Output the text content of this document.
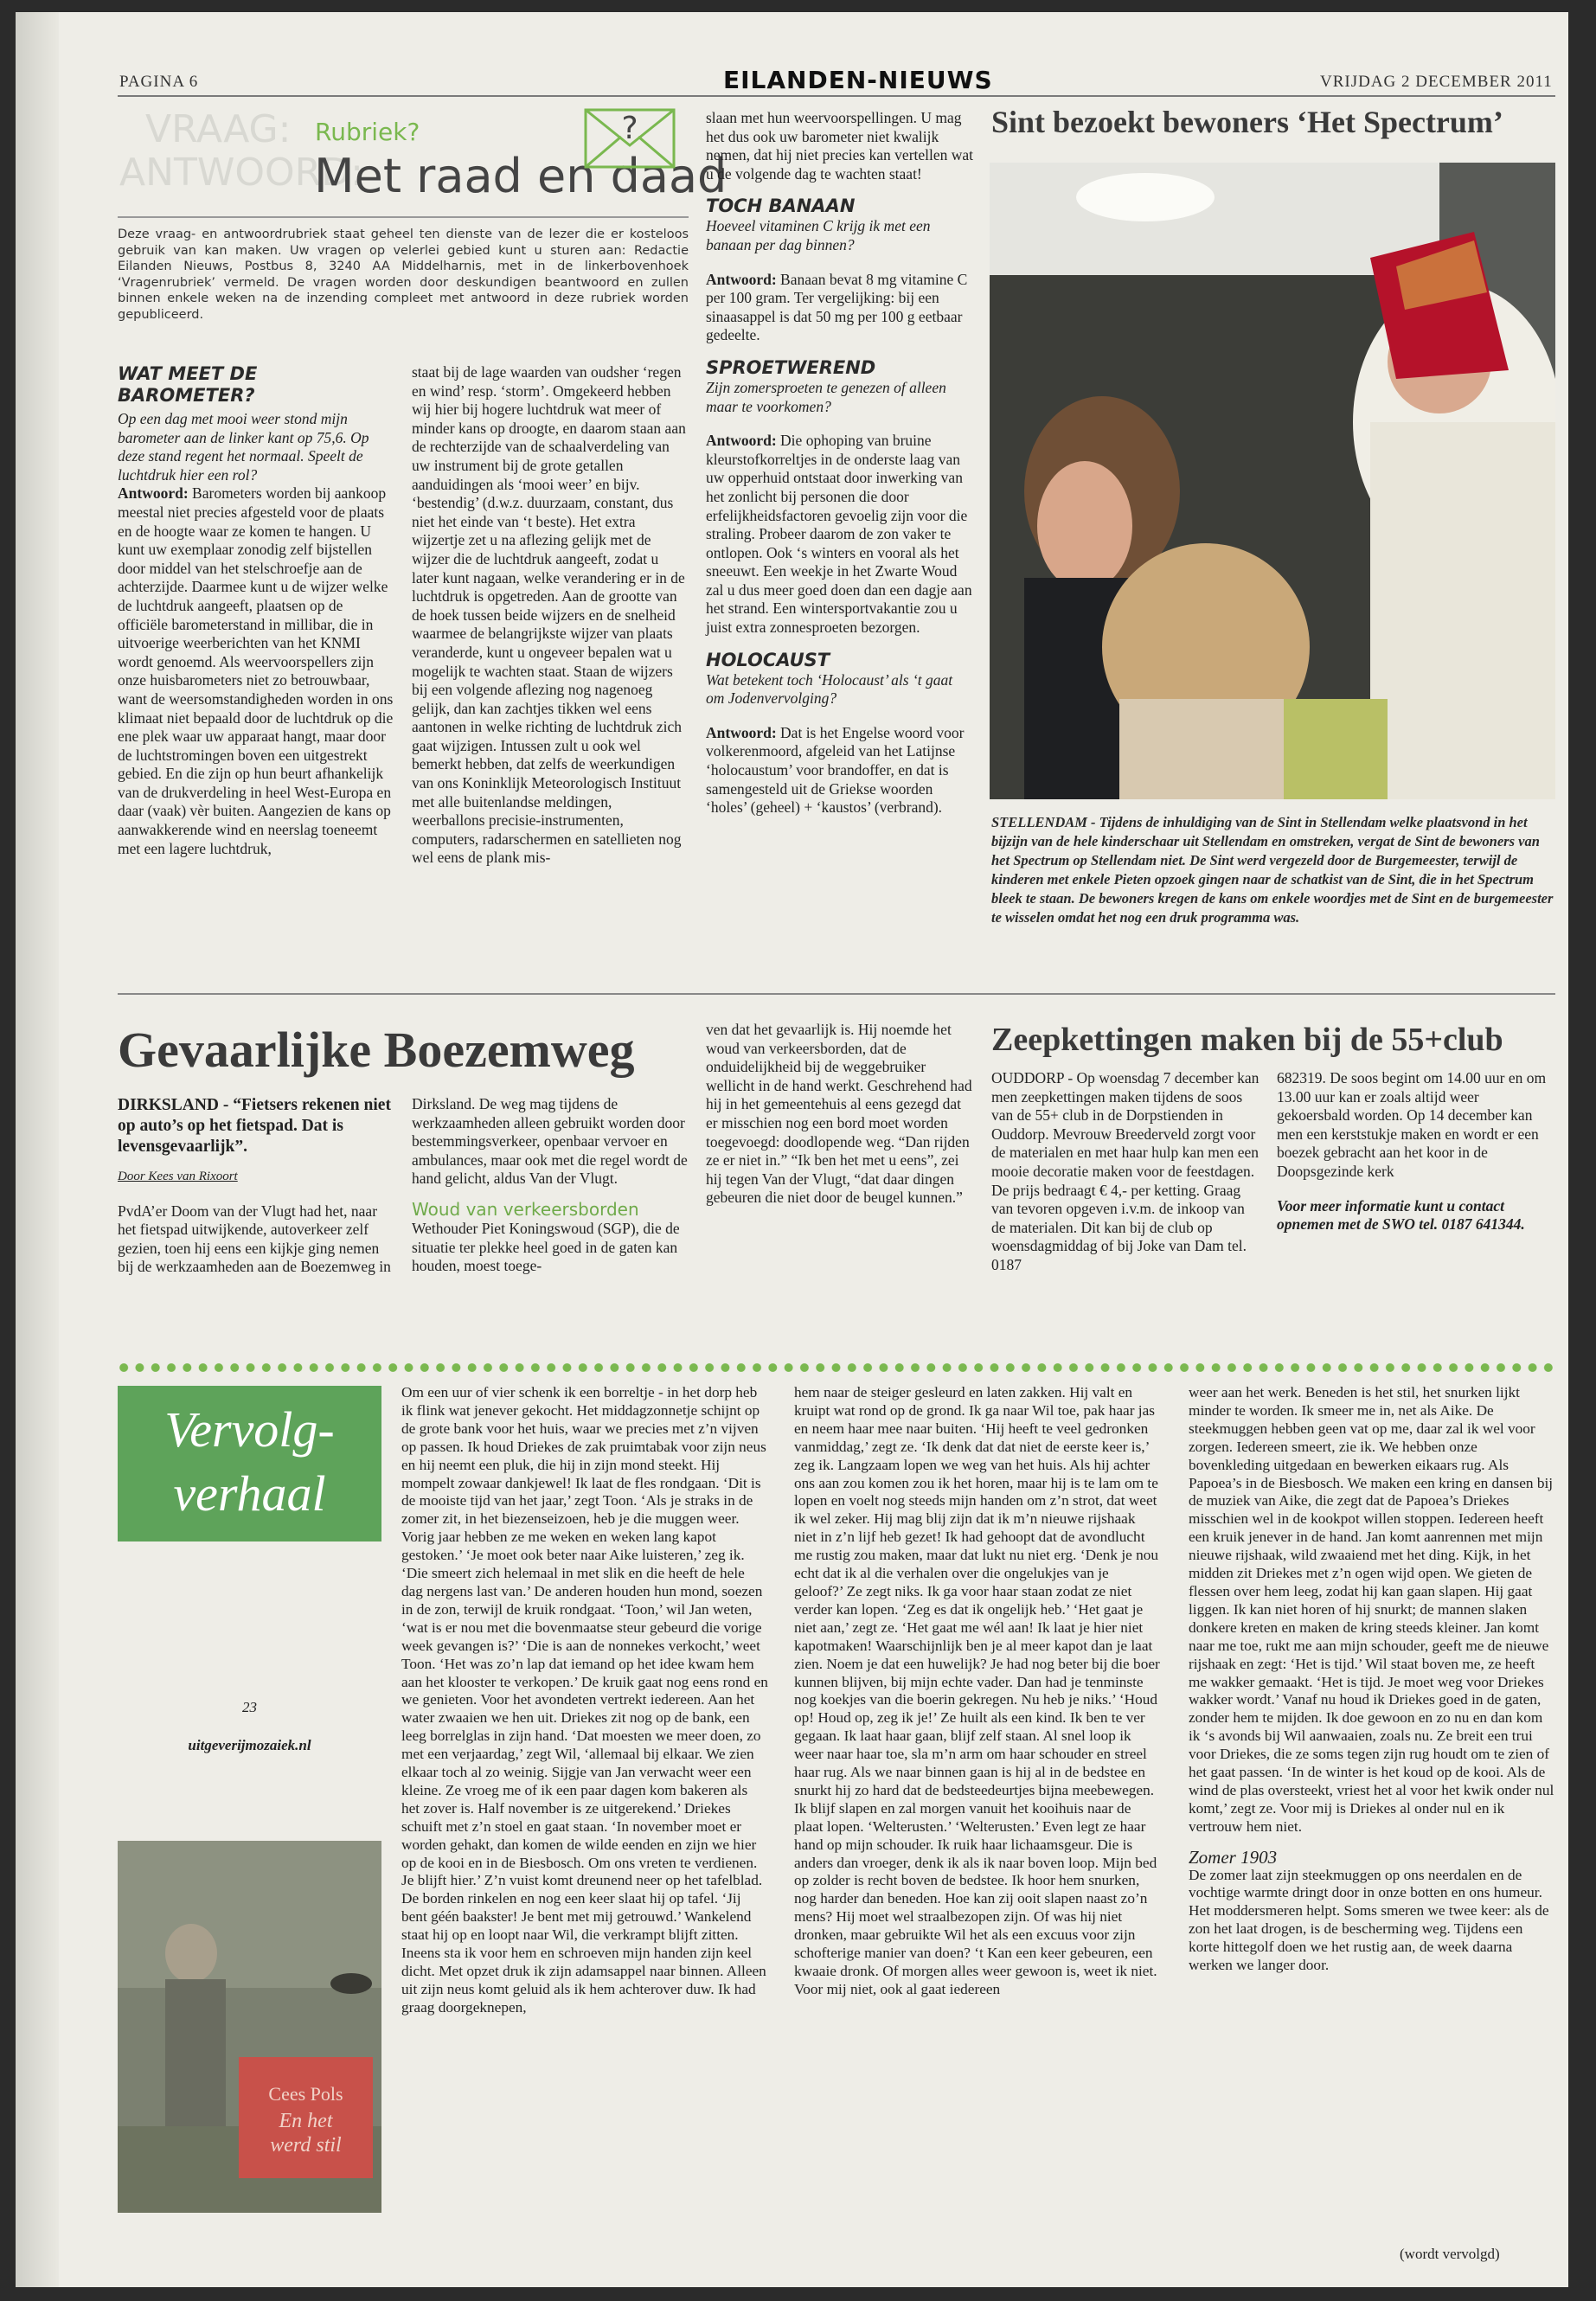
PAGINA 6	EILANDEN-NIEUWS	VRIJDAG 2 DECEMBER 2011
VRAAG:
ANTWOORD:
Rubriek?
Met raad en daad
?
Deze vraag- en antwoordrubriek staat geheel ten dienste van de lezer die er kosteloos gebruik van kan maken. Uw vragen op velerlei gebied kunt u sturen aan: Redactie Eilanden Nieuws, Postbus 8, 3240 AA Middelharnis, met in de linkerbovenhoek ‘Vragenrubriek’ vermeld. De vragen worden door deskundigen beantwoord en zullen binnen enkele weken na de inzending compleet met antwoord in deze rubriek worden gepubliceerd.
WAT MEET DE BAROMETER?

Op een dag met mooi weer stond mijn barometer aan de linker kant op 75,6. Op deze stand regent het normaal. Speelt de luchtdruk hier een rol?

Antwoord: Barometers worden bij aankoop meestal niet precies afgesteld voor de plaats en de hoogte waar ze komen te hangen. U kunt uw exemplaar zonodig zelf bijstellen door middel van het stelschroefje aan de achterzijde. Daarmee kunt u de wijzer welke de luchtdruk aangeeft, plaatsen op de officiële barometerstand in millibar, die in uitvoerige weerberichten van het KNMI wordt genoemd. Als weervoorspellers zijn onze huisbarometers niet zo betrouwbaar, want de weersomstandigheden worden in ons klimaat niet bepaald door de luchtdruk op die ene plek waar uw apparaat hangt, maar door de luchtstromingen boven een uitgestrekt gebied. En die zijn op hun beurt afhankelijk van de drukverdeling in heel West-Europa en daar (vaak) vèr buiten. Aangezien de kans op aanwakkerende wind en neerslag toeneemt met een lagere luchtdruk,

staat bij de lage waarden van oudsher ‘regen en wind’ resp. ‘storm’. Omgekeerd hebben wij hier bij hogere luchtdruk wat meer of minder kans op droogte, en daarom staan aan de rechterzijde van de schaalverdeling van uw instrument bij de grote getallen aanduidingen als ‘mooi weer’ en bijv. ‘bestendig’ (d.w.z. duurzaam, constant, dus niet het einde van ‘t beste). Het extra wijzertje zet u na aflezing gelijk met de wijzer die de luchtdruk aangeeft, zodat u later kunt nagaan, welke verandering er in de luchtdruk is opgetreden. Aan de grootte van de hoek tussen beide wijzers en de snelheid waarmee de belangrijkste wijzer van plaats veranderde, kunt u ongeveer bepalen wat u mogelijk te wachten staat. Staan de wijzers bij een volgende aflezing nog nagenoeg gelijk, dan kan zachtjes tikken wel eens aantonen in welke richting de luchtdruk zich gaat wijzigen. Intussen zult u ook wel bemerkt hebben, dat zelfs de weerkundigen van ons Koninklijk Meteorologisch Instituut met alle buitenlandse meldingen, weerballons precisie-instrumenten, computers, radarschermen en satellieten nog wel eens de plank mis-

slaan met hun weervoorspellingen. U mag het dus ook uw barometer niet kwalijk nemen, dat hij niet precies kan vertellen wat u de volgende dag te wachten staat!

TOCH BANAAN

Hoeveel vitaminen C krijg ik met een banaan per dag binnen?

Antwoord: Banaan bevat 8 mg vitamine C per 100 gram. Ter vergelijking: bij een sinaasappel is dat 50 mg per 100 g eetbaar gedeelte.

SPROETWEREND

Zijn zomersproeten te genezen of alleen maar te voorkomen?

Antwoord: Die ophoping van bruine kleurstofkorreltjes in de onderste laag van uw opperhuid ontstaat door inwerking van het zonlicht bij personen die door erfelijkheidsfactoren gevoelig zijn voor die straling. Probeer daarom de zon vaker te ontlopen. Ook ‘s winters en vooral als het sneeuwt. Een weekje in het Zwarte Woud zal u dus meer goed doen dan een dagje aan het strand. Een wintersportvakantie zou u juist extra zonnesproeten bezorgen.

HOLOCAUST

Wat betekent toch ‘Holocaust’ als ‘t gaat om Jodenvervolging?

Antwoord: Dat is het Engelse woord voor volkerenmoord, afgeleid van het Latijnse ‘holocaustum’ voor brandoffer, en dat is samengesteld uit de Griekse woorden ‘holes’ (geheel) + ‘kaustos’ (verbrand).

Sint bezoekt bewoners ‘Het Spectrum’
STELLENDAM - Tijdens de inhuldiging van de Sint in Stellendam welke plaatsvond in het bijzijn van de hele kinderschaar uit Stellendam en omstreken, vergat de Sint de bewoners van het Spectrum op Stellendam niet. De Sint werd vergezeld door de Burgemeester, terwijl de kinderen met enkele Pieten opzoek gingen naar de schatkist van de Sint, die in het Spectrum bleek te staan. De bewoners kregen de kans om enkele woordjes met de Sint en de burgemeester te wisselen omdat het nog een druk programma was.
Gevaarlijke Boezemweg

DIRKSLAND - “Fietsers rekenen niet op auto’s op het fietspad. Dat is levensgevaarlijk”.

Door Kees van Rixoort

PvdA’er Doom van der Vlugt had het, naar het fietspad uitwijkende, autoverkeer zelf gezien, toen hij eens een kijkje ging nemen bij de werkzaamheden aan de Boezemweg in

Dirksland. De weg mag tijdens de werkzaamheden alleen gebruikt worden door bestemmingsverkeer, openbaar vervoer en ambulances, maar ook met die regel wordt de hand gelicht, aldus Van der Vlugt.

Woud van verkeersborden

Wethouder Piet Koningswoud (SGP), die de situatie ter plekke heel goed in de gaten kan houden, moest toege-

ven dat het gevaarlijk is. Hij noemde het woud van verkeersborden, dat de onduidelijkheid bij de weggebruiker wellicht in de hand werkt. Geschrehend had hij in het gemeentehuis al eens gezegd dat er misschien nog een bord moet worden toegevoegd: doodlopende weg. “Dan rijden ze er niet in.” “Ik ben het met u eens”, zei hij tegen Van der Vlugt, “dat daar dingen gebeuren die niet door de beugel kunnen.”
Zeepkettingen maken bij de 55+club
OUDDORP - Op woensdag 7 december kan men zeepkettingen maken tijdens de soos van de 55+ club in de Dorpstienden in Ouddorp. Mevrouw Breederveld zorgt voor de materialen en met haar hulp kan men een mooie decoratie maken voor de feestdagen. De prijs bedraagt € 4,- per ketting. Graag van tevoren opgeven i.v.m. de inkoop van de materialen. Dit kan bij de club op woensdagmiddag of bij Joke van Dam tel. 0187

682319. De soos begint om 14.00 uur en om 13.00 uur kan er zoals altijd weer gekoersbald worden. Op 14 december kan men een kerststukje maken en wordt er een boezek gebracht aan het koor in de Doopsgezinde kerk

Voor meer informatie kunt u contact opnemen met de SWO tel. 0187 641344.

Vervolg-
verhaal
23
uitgeverijmozaiek.nl
Cees Pols
En het
werd stil
Om een uur of vier schenk ik een borreltje - in het dorp heb ik flink wat jenever gekocht. Het middagzonnetje schijnt op de grote bank voor het huis, waar we precies met z’n vijven op passen. Ik houd Driekes de zak pruimtabak voor zijn neus en hij neemt een pluk, die hij in zijn mond steekt. Hij mompelt zowaar dankjewel! Ik laat de fles rondgaan. ‘Dit is de mooiste tijd van het jaar,’ zegt Toon. ‘Als je straks in de zomer zit, in het biezenseizoen, heb je die muggen weer. Vorig jaar hebben ze me weken en weken lang kapot gestoken.’ ‘Je moet ook beter naar Aike luisteren,’ zeg ik. ‘Die smeert zich helemaal in met slik en die heeft de hele dag nergens last van.’ De anderen houden hun mond, soezen in de zon, terwijl de kruik rondgaat. ‘Toon,’ wil Jan weten, ‘wat is er nou met die bovenmaatse steur gebeurd die vorige week gevangen is?’ ‘Die is aan de nonnekes verkocht,’ weet Toon. ‘Het was zo’n lap dat iemand op het idee kwam hem aan het klooster te verkopen.’ De kruik gaat nog eens rond en we genieten. Voor het avondeten vertrekt iedereen. Aan het water zwaaien we hen uit. Driekes zit nog op de bank, een leeg borrelglas in zijn hand. ‘Dat moesten we meer doen, zo met een verjaardag,’ zegt Wil, ‘allemaal bij elkaar. We zien elkaar toch al zo weinig. Sijgje van Jan verwacht weer een kleine. Ze vroeg me of ik een paar dagen kom bakeren als het zover is. Half november is ze uitgerekend.’ Driekes schuift met z’n stoel en gaat staan. ‘In november moet er worden gehakt, dan komen de wilde eenden en zijn we hier op de kooi en in de Biesbosch. Om ons vreten te verdienen. Je blijft hier.’ Z’n vuist komt dreunend neer op het tafelblad. De borden rinkelen en nog een keer slaat hij op tafel. ‘Jij bent géén baakster! Je bent met mij getrouwd.’ Wankelend staat hij op en loopt naar Wil, die verkrampt blijft zitten. Ineens sta ik voor hem en schroeven mijn handen zijn keel dicht. Met opzet druk ik zijn adamsappel naar binnen. Alleen uit zijn neus komt geluid als ik hem achterover duw. Ik had graag doorgeknepen,
hem naar de steiger gesleurd en laten zakken. Hij valt en kruipt wat rond op de grond. Ik ga naar Wil toe, pak haar jas en neem haar mee naar buiten. ‘Hij heeft te veel gedronken vanmiddag,’ zegt ze. ‘Ik denk dat dat niet de eerste keer is,’ zeg ik. Langzaam lopen we weg van het huis. Als hij achter ons aan zou komen zou ik het horen, maar hij is te lam om te lopen en voelt nog steeds mijn handen om z’n strot, dat weet ik wel zeker. Hij mag blij zijn dat ik m’n nieuwe rijshaak niet in z’n lijf heb gezet! Ik had gehoopt dat de avondlucht me rustig zou maken, maar dat lukt nu niet erg. ‘Denk je nou echt dat ik al die verhalen over die ongelukjes van je geloof?’ Ze zegt niks. Ik ga voor haar staan zodat ze niet verder kan lopen. ‘Zeg es dat ik ongelijk heb.’ ‘Het gaat je niet aan,’ zegt ze. ‘Het gaat me wél aan! Ik laat je hier niet kapotmaken! Waarschijnlijk ben je al meer kapot dan je laat zien. Noem je dat een huwelijk? Je had nog beter bij die boer kunnen blijven, bij mijn echte vader. Dan had je tenminste nog koekjes van die boerin gekregen. Nu heb je niks.’ ‘Houd op! Houd op, zeg ik je!’ Ze huilt als een kind. Ik ben te ver gegaan. Ik laat haar gaan, blijf zelf staan. Al snel loop ik weer naar haar toe, sla m’n arm om haar schouder en streel haar rug. Als we naar binnen gaan is hij al in de bedstee en snurkt hij zo hard dat de bedsteedeurtjes bijna meebewegen. Ik blijf slapen en zal morgen vanuit het kooihuis naar de plaat lopen. ‘Welterusten.’ ‘Welterusten.’ Even legt ze haar hand op mijn schouder. Ik ruik haar lichaamsgeur. Die is anders dan vroeger, denk ik als ik naar boven loop. Mijn bed op zolder is recht boven de bedstee. Ik hoor hem snurken, nog harder dan beneden. Hoe kan zij ooit slapen naast zo’n mens? Hij moet wel straalbezopen zijn. Of was hij niet dronken, maar gebruikte Wil het als een excuus voor zijn schofterige manier van doen? ‘t Kan een keer gebeuren, een kwaaie dronk. Of morgen alles weer gewoon is, weet ik niet. Voor mij niet, ook al gaat iedereen

weer aan het werk. Beneden is het stil, het snurken lijkt minder te worden. Ik smeer me in, net als Aike. De steekmuggen hebben geen vat op me, daar zal ik wel voor zorgen. Iedereen smeert, zie ik. We hebben onze bovenkleding uitgedaan en bewerken eikaars rug. Als Papoea’s in de Biesbosch. We maken een kring en dansen bij de muziek van Aike, die zegt dat de Papoea’s Driekes misschien wel in de kookpot willen stoppen. Iedereen heeft een kruik jenever in de hand. Jan komt aanrennen met mijn nieuwe rijshaak, wild zwaaiend met het ding. Kijk, in het midden zit Driekes met z’n ogen wijd open. We gieten de flessen over hem leeg, zodat hij kan gaan slapen. Hij gaat liggen. Ik kan niet horen of hij snurkt; de mannen slaken donkere kreten en maken de kring steeds kleiner. Jan komt naar me toe, rukt me aan mijn schouder, geeft me de nieuwe rijshaak en zegt: ‘Het is tijd.’ Wil staat boven me, ze heeft me wakker gemaakt. ‘Het is tijd. Je moet weg voor Driekes wakker wordt.’ Vanaf nu houd ik Driekes goed in de gaten, zonder hem te mijden. Ik doe gewoon en zo nu en dan kom ik ‘s avonds bij Wil aanwaaien, zoals nu. Ze breit een trui voor Driekes, die ze soms tegen zijn rug houdt om te zien of het gaat passen. ‘In de winter is het koud op de kooi. Als de wind de plas oversteekt, vriest het al voor het kwik onder nul komt,’ zegt ze. Voor mij is Driekes al onder nul en ik vertrouw hem niet.

Zomer 1903

De zomer laat zijn steekmuggen op ons neerdalen en de vochtige warmte dringt door in onze botten en ons humeur. Het moddersmeren helpt. Soms smeren we twee keer: als de zon het laat drogen, is de bescherming weg. Tijdens een korte hittegolf doen we het rustig aan, de week daarna werken we langer door.

(wordt vervolgd)
